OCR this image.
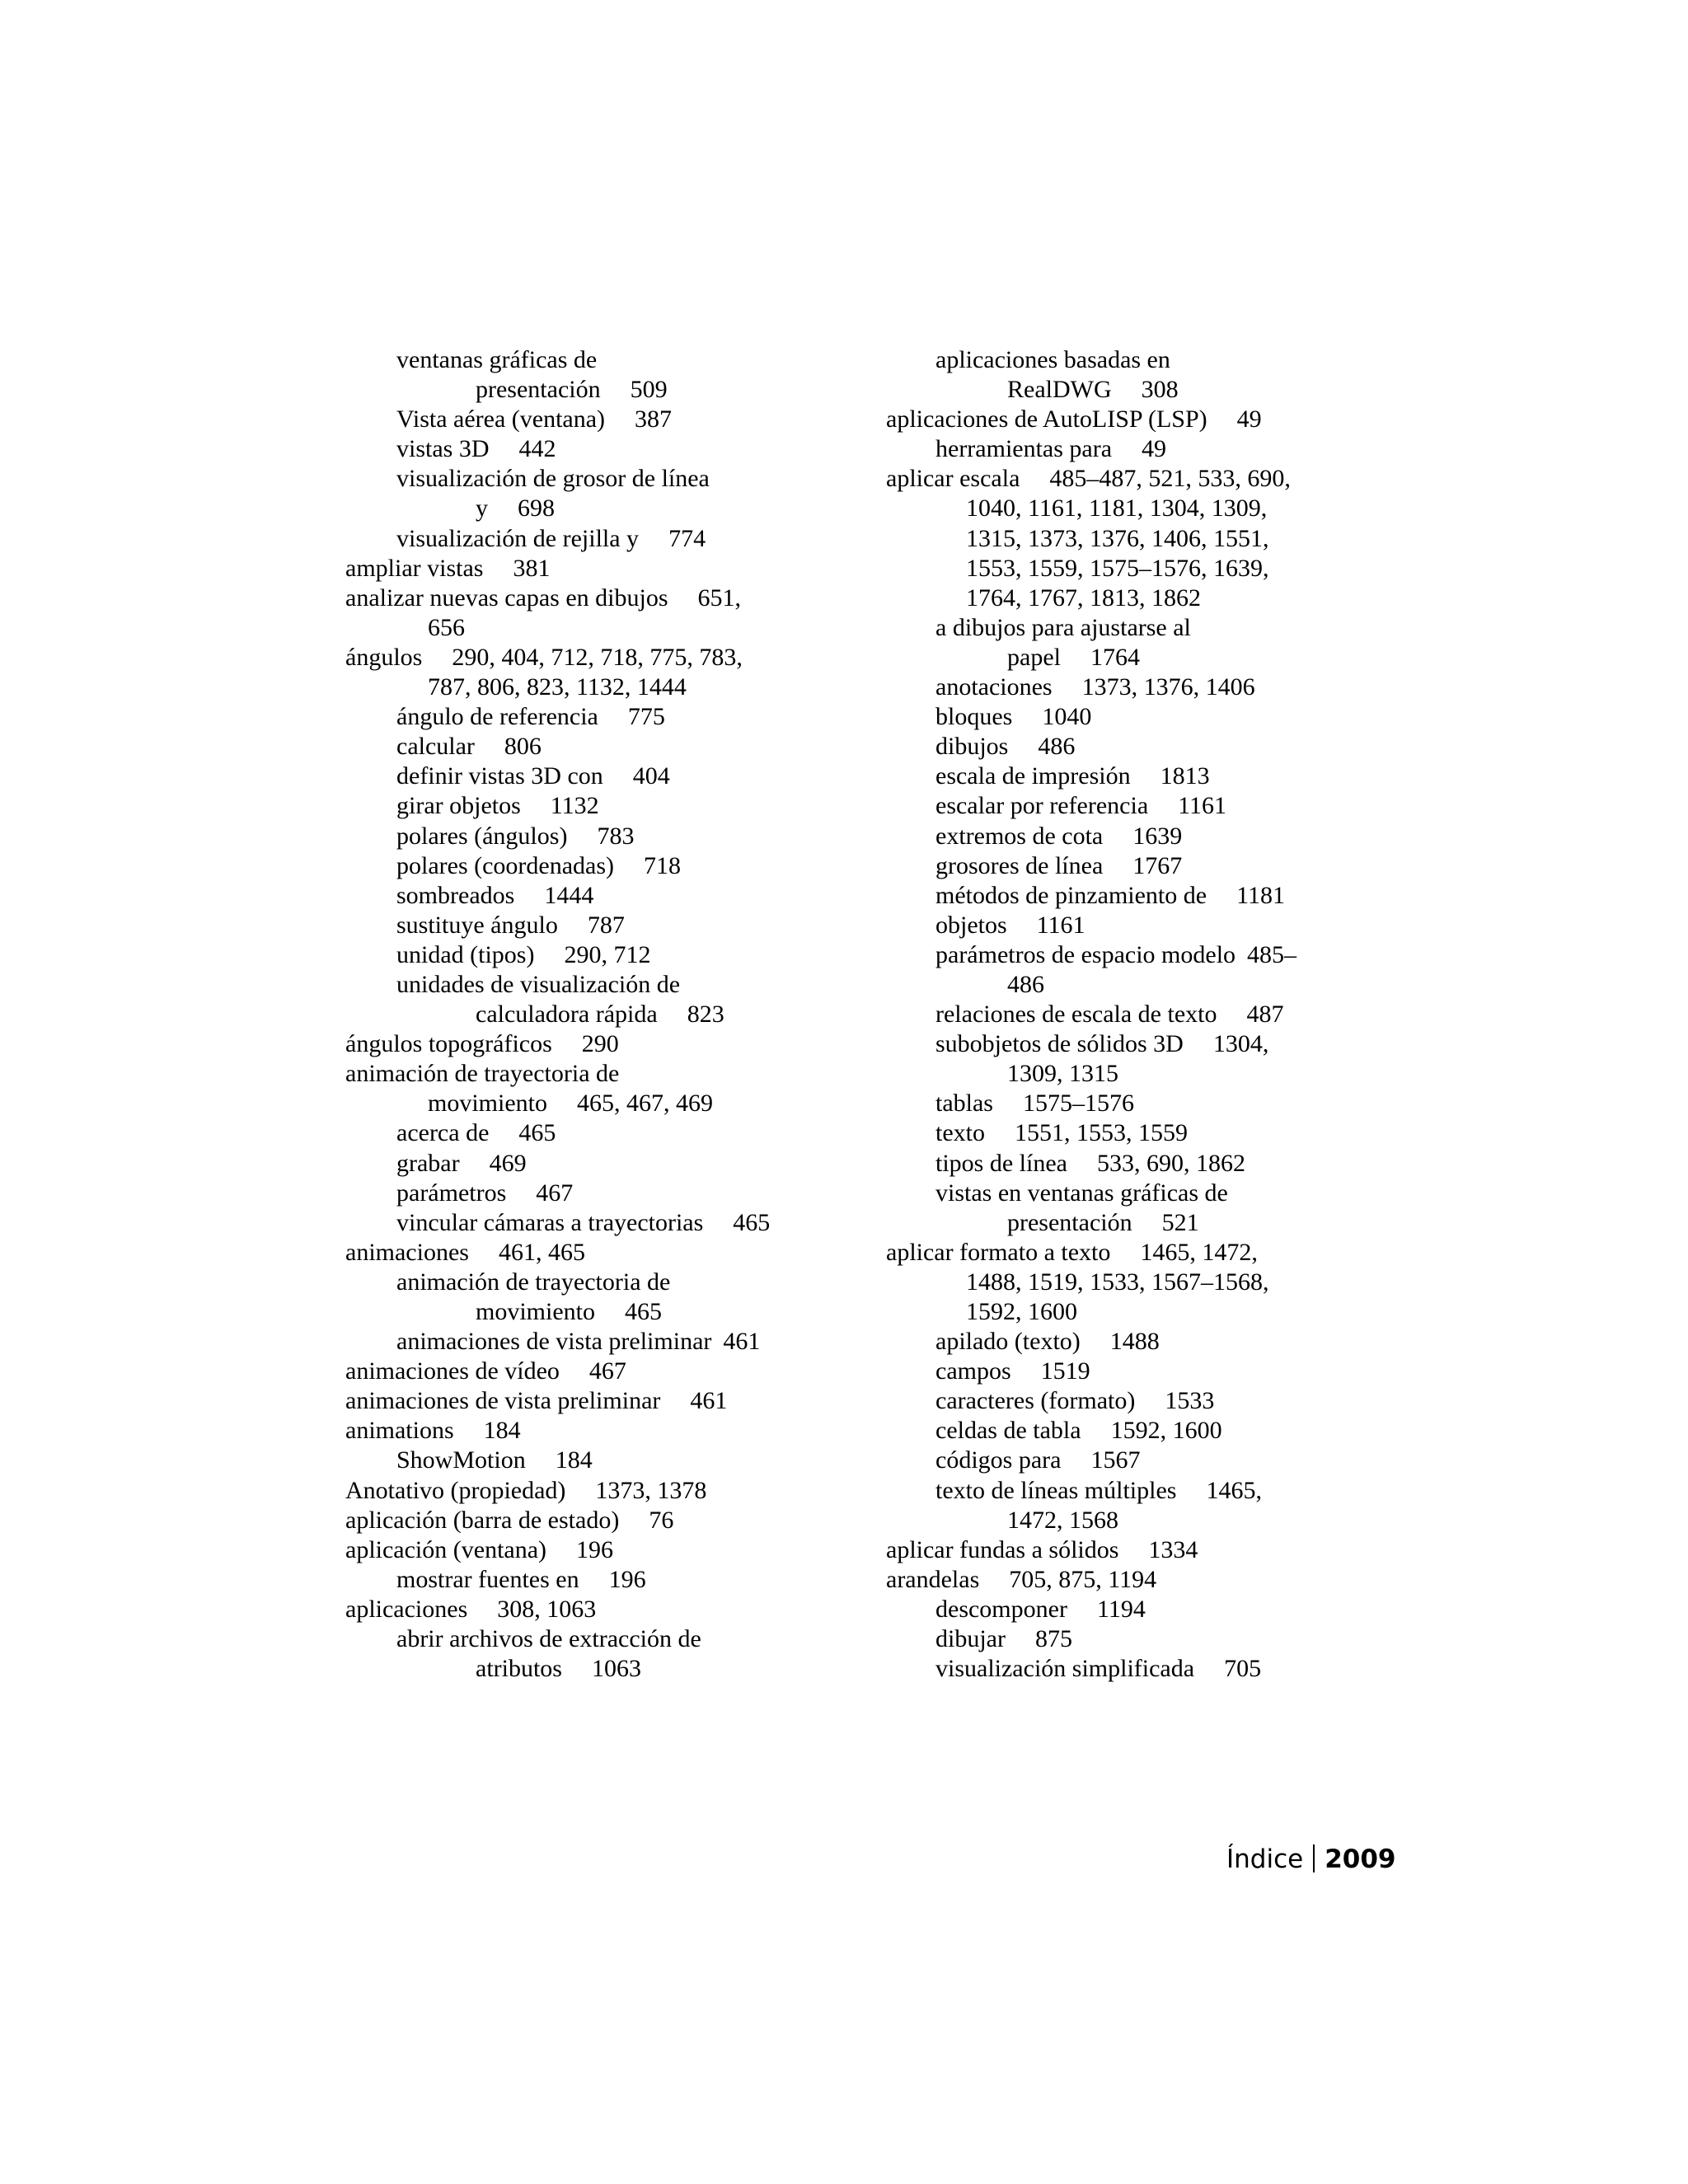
ventanas gráficas de
presentación 509
Vista aérea (ventana) 387
vistas 3D 442
visualización de grosor de línea
y 698
visualización de rejilla y 774
ampliar vistas 381
analizar nuevas capas en dibujos 651,
656
ángulos 290, 404, 712, 718, 775, 783,
787, 806, 823, 1132, 1444
ángulo de referencia 775
calcular 806
definir vistas 3D con 404
girar objetos 1132
polares (ángulos) 783
polares (coordenadas) 718
sombreados 1444
sustituye ángulo 787
unidad (tipos) 290, 712
unidades de visualización de
calculadora rápida 823
ángulos topográficos 290
animación de trayectoria de
movimiento 465, 467, 469
acerca de 465
grabar 469
parámetros 467
vincular cámaras a trayectorias 465
animaciones 461, 465
animación de trayectoria de
movimiento 465
animaciones de vista preliminar 461
animaciones de vídeo 467
animaciones de vista preliminar 461
animations 184
ShowMotion 184
Anotativo (propiedad) 1373, 1378
aplicación (barra de estado) 76
aplicación (ventana) 196
mostrar fuentes en 196
aplicaciones 308, 1063
abrir archivos de extracción de
atributos 1063
aplicaciones basadas en
RealDWG 308
aplicaciones de AutoLISP (LSP) 49
herramientas para 49
aplicar escala 485–487, 521, 533, 690,
1040, 1161, 1181, 1304, 1309,
1315, 1373, 1376, 1406, 1551,
1553, 1559, 1575–1576, 1639,
1764, 1767, 1813, 1862
a dibujos para ajustarse al
papel 1764
anotaciones 1373, 1376, 1406
bloques 1040
dibujos 486
escala de impresión 1813
escalar por referencia 1161
extremos de cota 1639
grosores de línea 1767
métodos de pinzamiento de 1181
objetos 1161
parámetros de espacio modelo 485–
486
relaciones de escala de texto 487
subobjetos de sólidos 3D 1304,
1309, 1315
tablas 1575–1576
texto 1551, 1553, 1559
tipos de línea 533, 690, 1862
vistas en ventanas gráficas de
presentación 521
aplicar formato a texto 1465, 1472,
1488, 1519, 1533, 1567–1568,
1592, 1600
apilado (texto) 1488
campos 1519
caracteres (formato) 1533
celdas de tabla 1592, 1600
códigos para 1567
texto de líneas múltiples 1465,
1472, 1568
aplicar fundas a sólidos 1334
arandelas 705, 875, 1194
descomponer 1194
dibujar 875
visualización simplificada 705
Índice 2009
